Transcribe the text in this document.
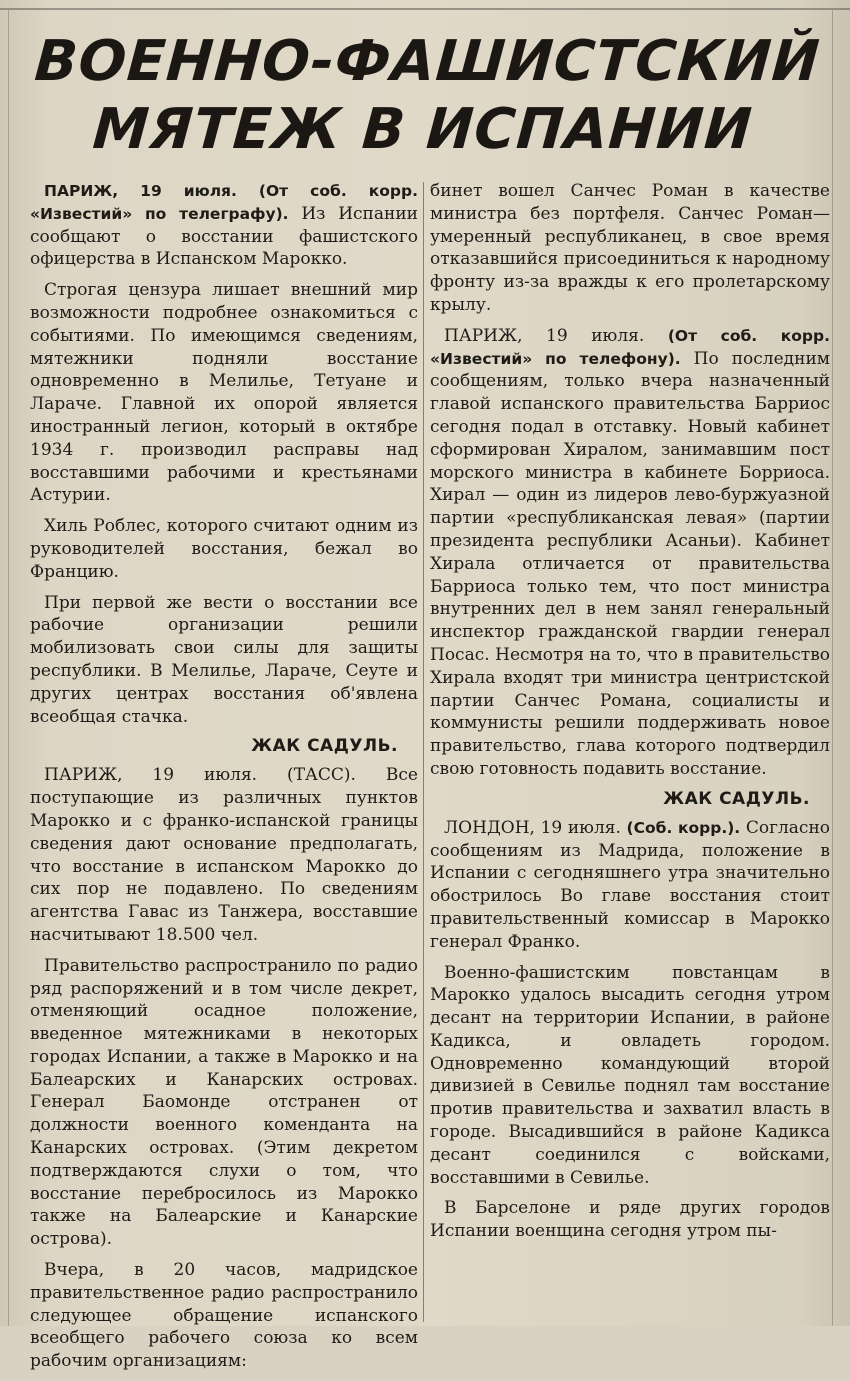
ВОЕННО-ФАШИСТСКИЙ
МЯТЕЖ В ИСПАНИИ

ПАРИЖ, 19 июля. (От соб. корр. «Известий» по телеграфу). Из Испании сообщают о восстании фашистского офицерства в Испанском Марокко.

Строгая цензура лишает внешний мир возможности подробнее ознакомиться с событиями. По имеющимся сведениям, мятежники подняли восстание одновременно в Мелилье, Тетуане и Лараче. Главной их опорой является иностранный легион, который в октябре 1934 г. производил расправы над восставшими рабочими и крестьянами Астурии.

Хиль Роблес, которого считают одним из руководителей восстания, бежал во Францию.

При первой же вести о восстании все рабочие организации решили мобилизовать свои силы для защиты республики. В Мелилье, Лараче, Сеуте и других центрах восстания об'явлена всеобщая стачка.

ЖАК САДУЛЬ.

ПАРИЖ, 19 июля. (ТАСС). Все поступающие из различных пунктов Марокко и с франко-испанской границы сведения дают основание предполагать, что восстание в испанском Марокко до сих пор не подавлено. По сведениям агентства Гавас из Танжера, восставшие насчитывают 18.500 чел.

Правительство распространило по радио ряд распоряжений и в том числе декрет, отменяющий осадное положение, введенное мятежниками в некоторых городах Испании, а также в Марокко и на Балеарских и Канарских островах. Генерал Баомонде отстранен от должности военного коменданта на Канарских островах. (Этим декретом подтверждаются слухи о том, что восстание перебросилось из Марокко также на Балеарские и Канарские острова).

Вчера, в 20 часов, мадридское правительственное радио распространило следующее обращение испанского всеобщего рабочего союза ко всем рабочим организациям:

бинет вошел Санчес Роман в качестве министра без портфеля. Санчес Роман— умеренный республиканец, в свое время отказавшийся присоединиться к народному фронту из-за вражды к его пролетарскому крылу.

ПАРИЖ, 19 июля. (От соб. корр. «Известий» по телефону). По последним сообщениям, только вчера назначенный главой испанского правительства Барриос сегодня подал в отставку. Новый кабинет сформирован Хиралом, занимавшим пост морского министра в кабинете Борриоса. Хирал — один из лидеров лево-буржуазной партии «республиканская левая» (партии президента республики Асаньи). Кабинет Хирала отличается от правительства Барриоса только тем, что пост министра внутренних дел в нем занял генеральный инспектор гражданской гвардии генерал Посас. Несмотря на то, что в правительство Хирала входят три министра центристской партии Санчес Романа, социалисты и коммунисты решили поддерживать новое правительство, глава которого подтвердил свою готовность подавить восстание.

ЖАК САДУЛЬ.

ЛОНДОН, 19 июля. (Соб. корр.). Согласно сообщениям из Мадрида, положение в Испании с сегодняшнего утра значительно обострилось Во главе восстания стоит правительственный комиссар в Марокко генерал Франко.

Военно-фашистским повстанцам в Марокко удалось высадить сегодня утром десант на территории Испании, в районе Кадикса, и овладеть городом. Одновременно командующий второй дивизией в Севилье поднял там восстание против правительства и захватил власть в городе. Высадившийся в районе Кадикса десант соединился с войсками, восставшими в Севилье.

В Барселоне и ряде других городов Испании военщина сегодня утром пы-
